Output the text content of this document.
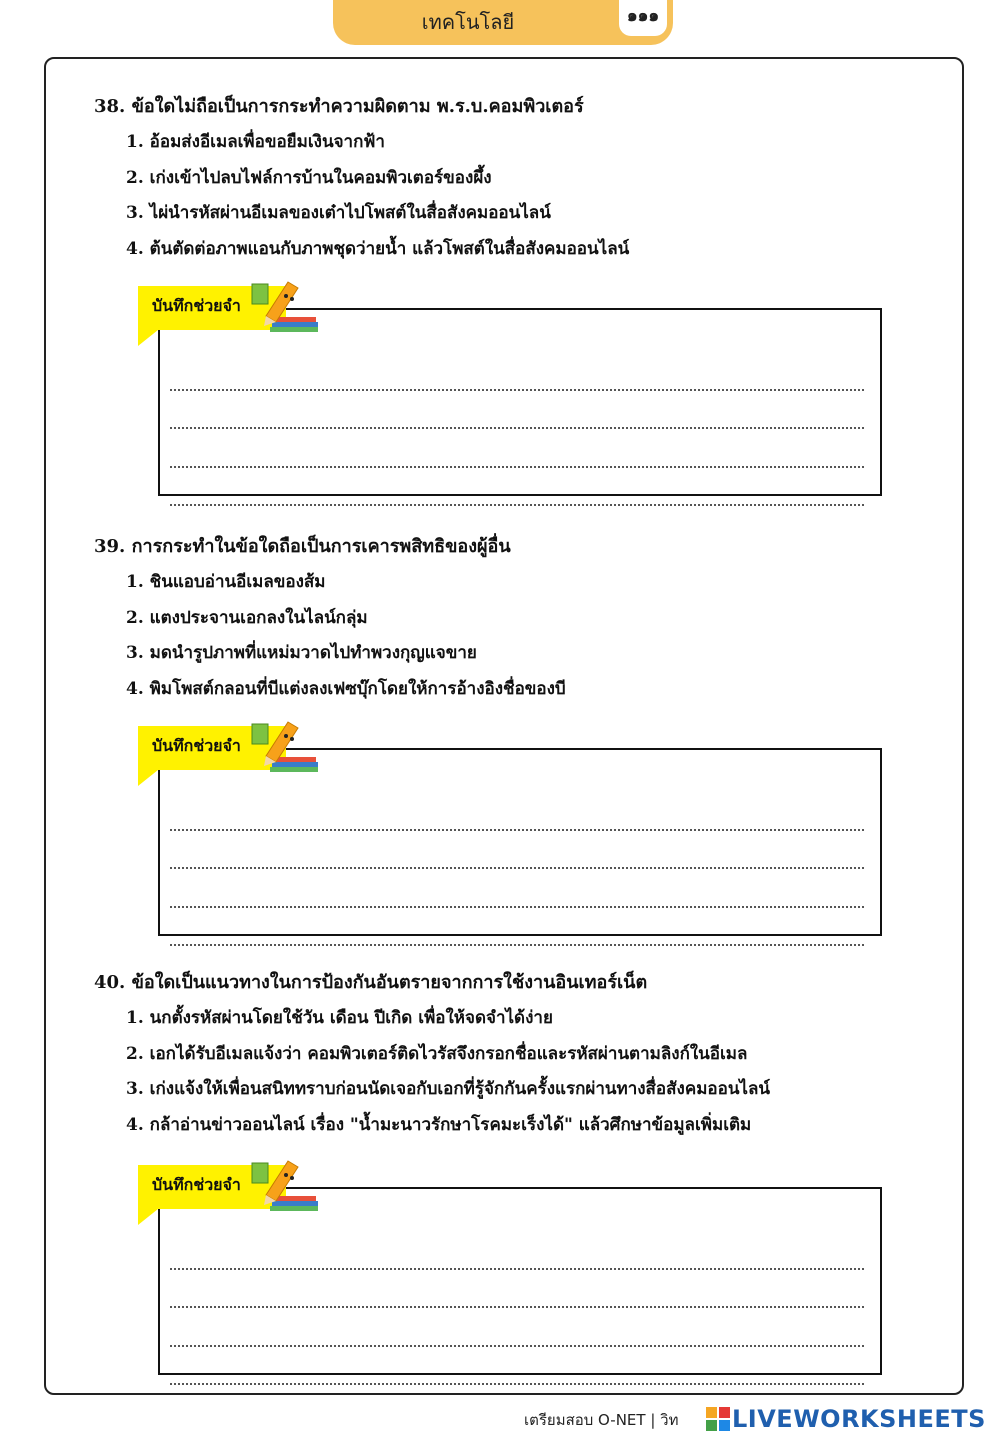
เทคโนโลยี	๑๑๑
38. ข้อใดไม่ถือเป็นการกระทำความผิดตาม พ.ร.บ.คอมพิวเตอร์
1. อ้อมส่งอีเมลเพื่อขอยืมเงินจากฟ้า
2. เก่งเข้าไปลบไฟล์การบ้านในคอมพิวเตอร์ของผึ้ง
3. ไผ่นำรหัสผ่านอีเมลของเต๋าไปโพสต์ในสื่อสังคมออนไลน์
4. ต้นตัดต่อภาพแอนกับภาพชุดว่ายน้ำ แล้วโพสต์ในสื่อสังคมออนไลน์
บันทึกช่วยจำ
39. การกระทำในข้อใดถือเป็นการเคารพสิทธิของผู้อื่น
1. ชินแอบอ่านอีเมลของส้ม
2. แตงประจานเอกลงในไลน์กลุ่ม
3. มดนำรูปภาพที่แหม่มวาดไปทำพวงกุญแจขาย
4. พิมโพสต์กลอนที่บีแต่งลงเฟซบุ๊กโดยให้การอ้างอิงชื่อของบี
บันทึกช่วยจำ
40. ข้อใดเป็นแนวทางในการป้องกันอันตรายจากการใช้งานอินเทอร์เน็ต
1. นกตั้งรหัสผ่านโดยใช้วัน เดือน ปีเกิด เพื่อให้จดจำได้ง่าย
2. เอกได้รับอีเมลแจ้งว่า คอมพิวเตอร์ติดไวรัสจึงกรอกชื่อและรหัสผ่านตามลิงก์ในอีเมล
3. เก่งแจ้งให้เพื่อนสนิททราบก่อนนัดเจอกับเอกที่รู้จักกันครั้งแรกผ่านทางสื่อสังคมออนไลน์
4. กล้าอ่านข่าวออนไลน์ เรื่อง "น้ำมะนาวรักษาโรคมะเร็งได้" แล้วศึกษาข้อมูลเพิ่มเติม
บันทึกช่วยจำ
เตรียมสอบ O-NET | วิท LIVEWORKSHEETS
